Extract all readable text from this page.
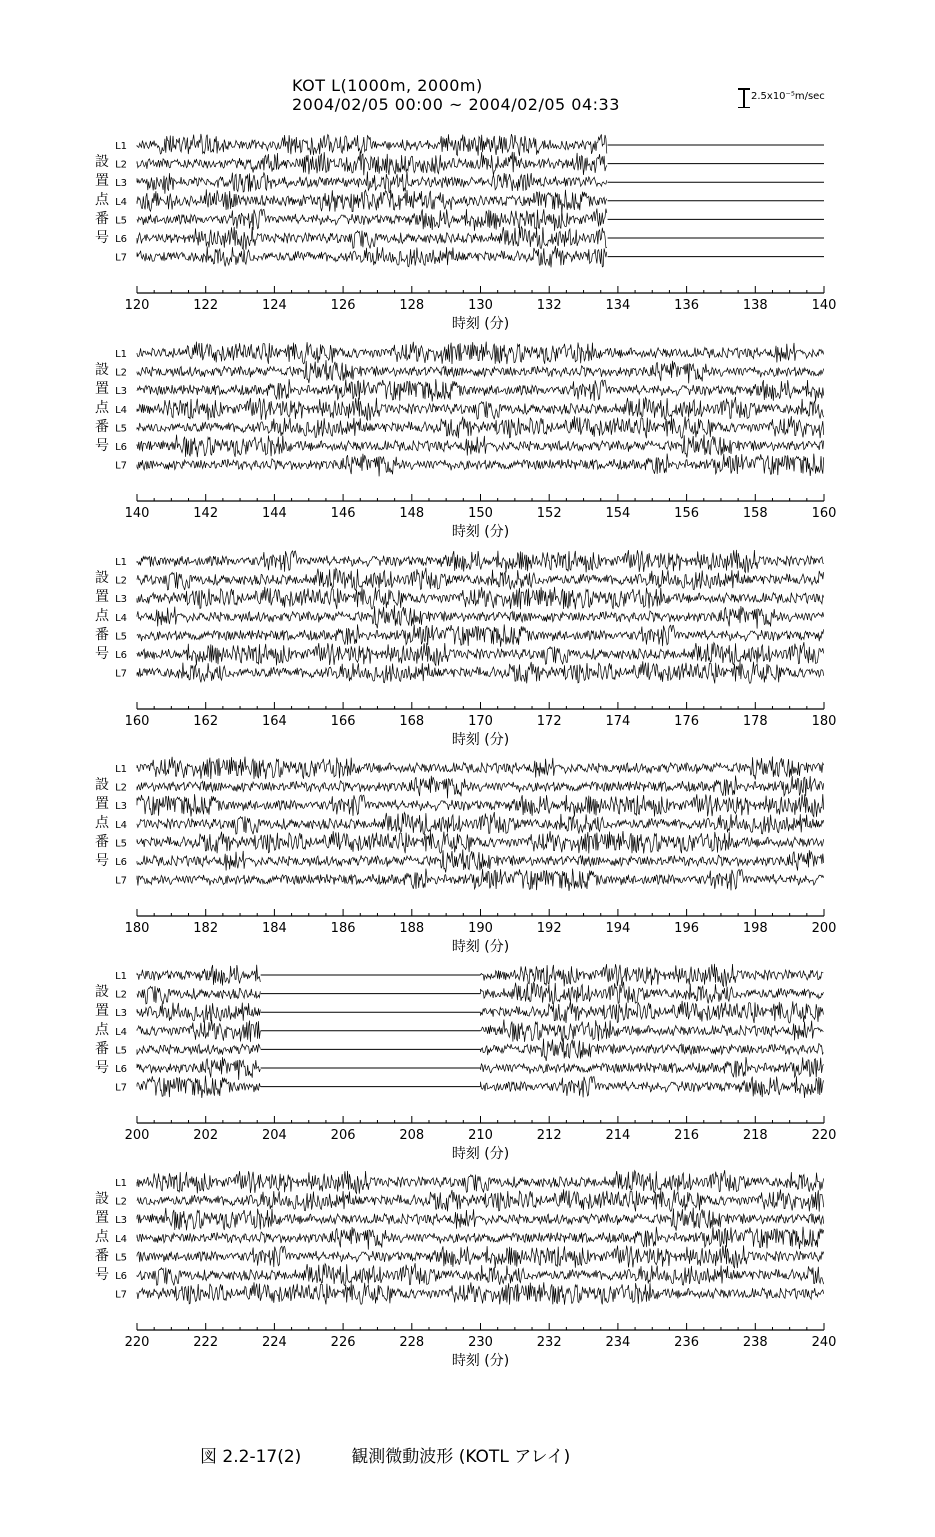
KOT L(1000m, 2000m)
2004/02/05 00:00 ~ 2004/02/05 04:33	2.5x10⁻⁵m/sec
設
置
点
番
号
L1
L2
L3
L4
L5
L6
L7
120	122	124	126	128	130	132	134	136	138	140
時刻 (分)
設
置
点
番
号
L1
L2
L3
L4
L5
L6
L7
140	142	144	146	148	150	152	154	156	158	160
時刻 (分)
設
置
点
番
号
L1
L2
L3
L4
L5
L6
L7
160	162	164	166	168	170	172	174	176	178	180
時刻 (分)
設
置
点
番
号
L1
L2
L3
L4
L5
L6
L7
180	182	184	186	188	190	192	194	196	198	200
時刻 (分)
設
置
点
番
号
L1
L2
L3
L4
L5
L6
L7
200	202	204	206	208	210	212	214	216	218	220
時刻 (分)
設
置
点
番
号
L1
L2
L3
L4
L5
L6
L7
220	222	224	226	228	230	232	234	236	238	240
時刻 (分)
図 2.2-17(2)	観測微動波形 (KOTL アレイ)
